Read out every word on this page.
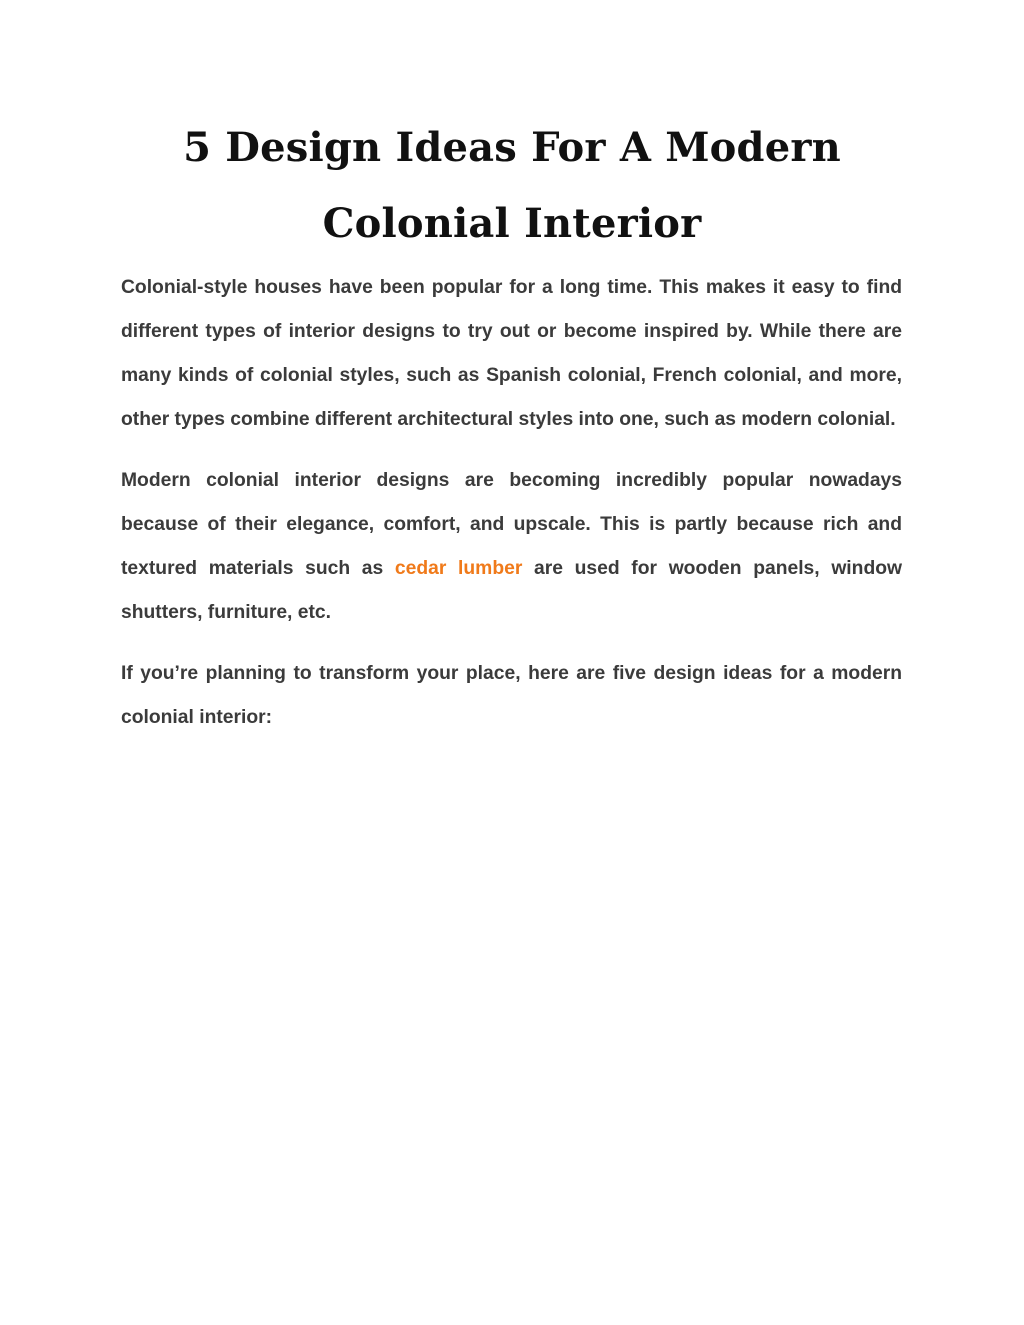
5 Design Ideas For A Modern
Colonial Interior

Colonial-style houses have been popular for a long time. This makes it easy to find different types of interior designs to try out or become inspired by. While there are many kinds of colonial styles, such as Spanish colonial, French colonial, and more, other types combine different architectural styles into one, such as modern colonial.

Modern colonial interior designs are becoming incredibly popular nowadays because of their elegance, comfort, and upscale. This is partly because rich and textured materials such as cedar lumber are used for wooden panels, window shutters, furniture, etc.

If you’re planning to transform your place, here are five design ideas for a modern colonial interior:
